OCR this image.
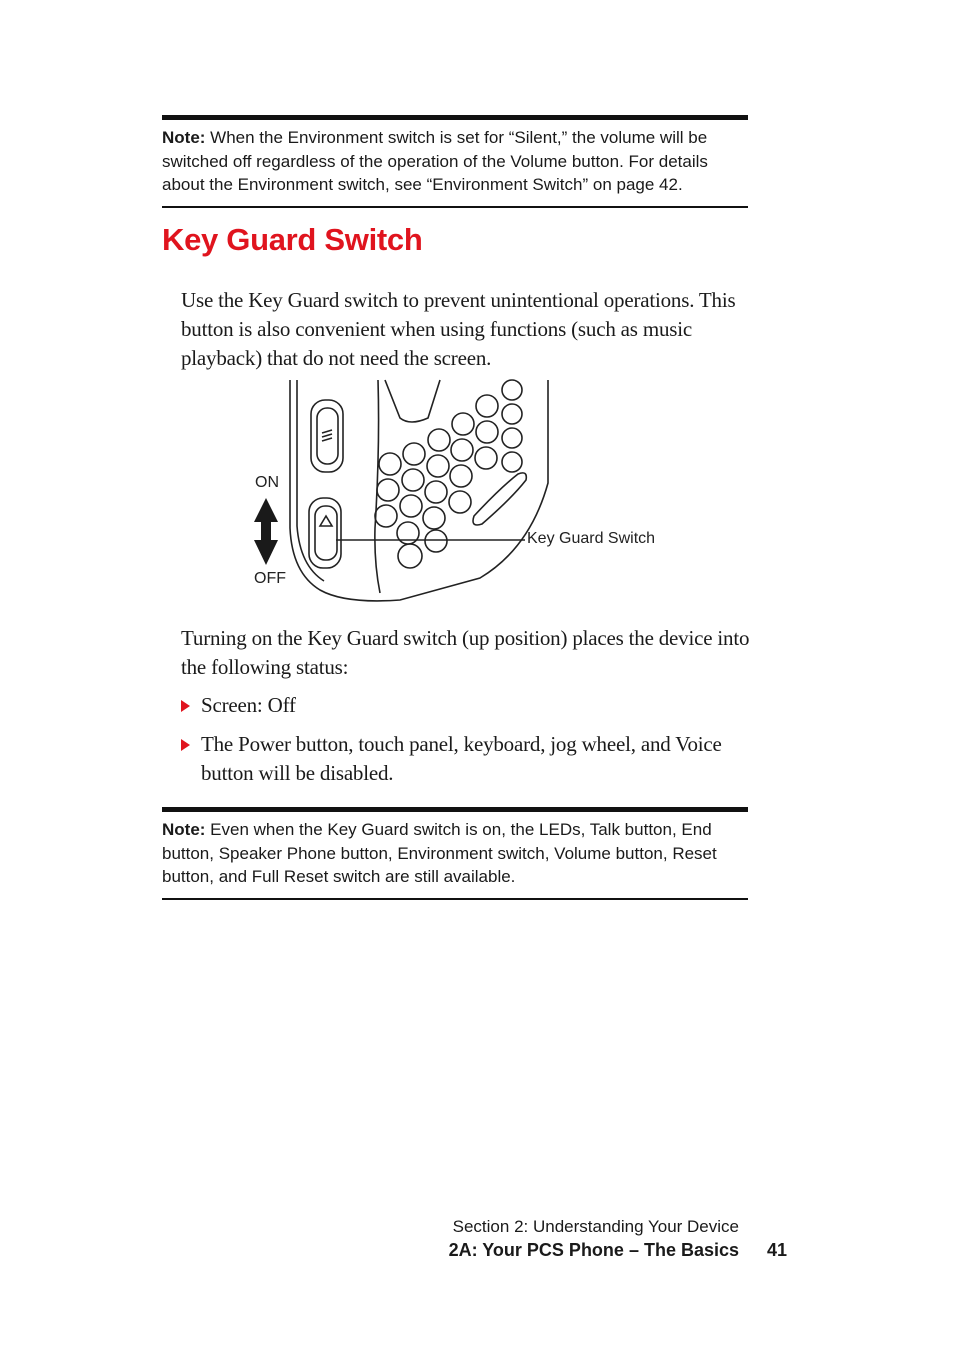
Note: When the Environment switch is set for “Silent,” the volume will be switched off regardless of the operation of the Volume button. For details about the Environment switch, see “Environment Switch” on page 42.
Key Guard Switch

Use the Key Guard switch to prevent unintentional operations. This button is also convenient when using functions (such as music playback) that do not need the screen.

ON
OFF
Key Guard Switch

Turning on the Key Guard switch (up position) places the device into the following status:

Screen: Off
The Power button, touch panel, keyboard, jog wheel, and Voice button will be disabled.
Note: Even when the Key Guard switch is on, the LEDs, Talk button, End button, Speaker Phone button, Environment switch, Volume button, Reset button, and Full Reset switch are still available.
Section 2: Understanding Your Device
2A: Your PCS Phone – The Basics 41
